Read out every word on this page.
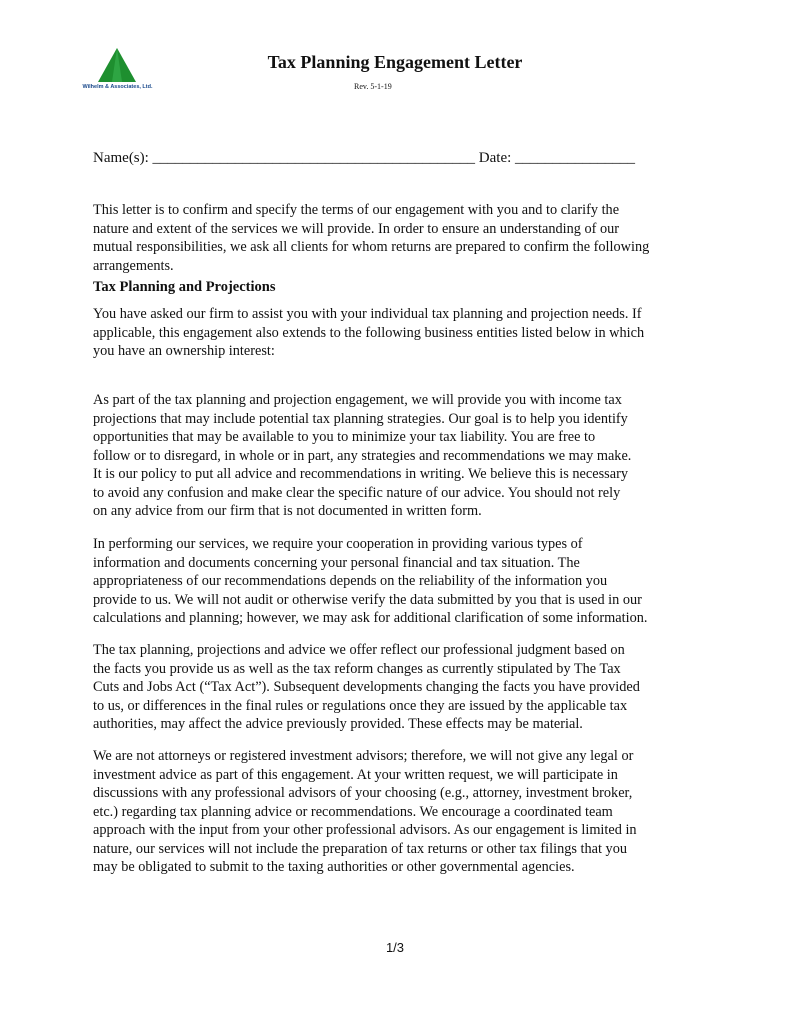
Wilhelm & Associates, Ltd.
Tax Planning Engagement Letter
Rev. 5-1-19
Name(s): ___________________________________________ Date: ________________
This letter is to confirm and specify the terms of our engagement with you and to clarify the
nature and extent of the services we will provide. In order to ensure an understanding of our
mutual responsibilities, we ask all clients for whom returns are prepared to confirm the following
arrangements.
Tax Planning and Projections
You have asked our firm to assist you with your individual tax planning and projection needs. If
applicable, this engagement also extends to the following business entities listed below in which
you have an ownership interest:
As part of the tax planning and projection engagement, we will provide you with income tax
projections that may include potential tax planning strategies. Our goal is to help you identify
opportunities that may be available to you to minimize your tax liability. You are free to
follow or to disregard, in whole or in part, any strategies and recommendations we may make.
It is our policy to put all advice and recommendations in writing. We believe this is necessary
to avoid any confusion and make clear the specific nature of our advice. You should not rely
on any advice from our firm that is not documented in written form.
In performing our services, we require your cooperation in providing various types of
information and documents concerning your personal financial and tax situation. The
appropriateness of our recommendations depends on the reliability of the information you
provide to us. We will not audit or otherwise verify the data submitted by you that is used in our
calculations and planning; however, we may ask for additional clarification of some information.
The tax planning, projections and advice we offer reflect our professional judgment based on
the facts you provide us as well as the tax reform changes as currently stipulated by The Tax
Cuts and Jobs Act (“Tax Act”). Subsequent developments changing the facts you have provided
to us, or differences in the final rules or regulations once they are issued by the applicable tax
authorities, may affect the advice previously provided. These effects may be material.
We are not attorneys or registered investment advisors; therefore, we will not give any legal or
investment advice as part of this engagement. At your written request, we will participate in
discussions with any professional advisors of your choosing (e.g., attorney, investment broker,
etc.) regarding tax planning advice or recommendations. We encourage a coordinated team
approach with the input from your other professional advisors. As our engagement is limited in
nature, our services will not include the preparation of tax returns or other tax filings that you
may be obligated to submit to the taxing authorities or other governmental agencies.
1/3
